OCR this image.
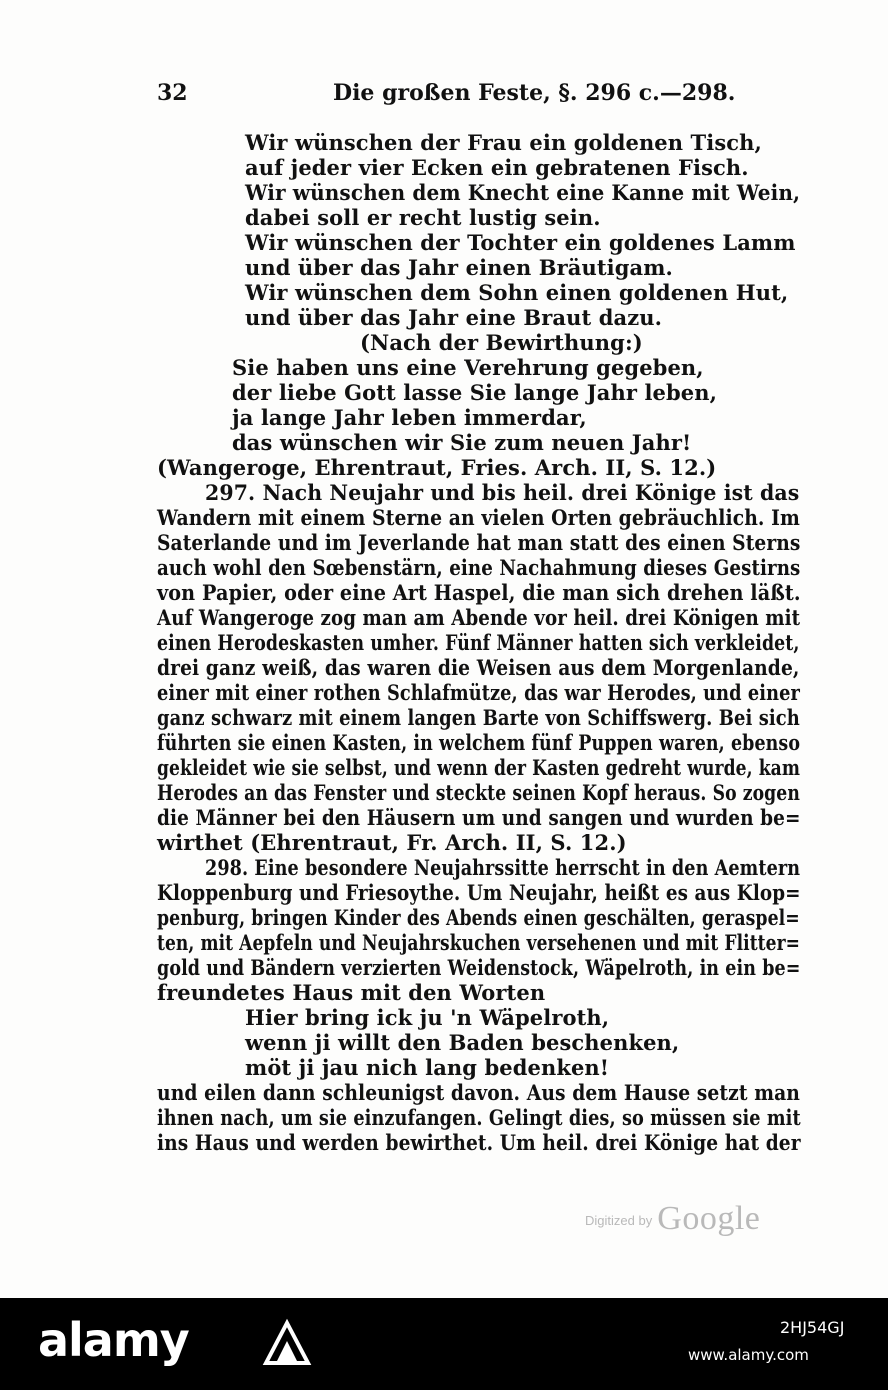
32	Die großen Feste, §. 296 c.—298.
Wir wünschen der Frau ein goldenen Tisch,
auf jeder vier Ecken ein gebratenen Fisch.
Wir wünschen dem Knecht eine Kanne mit Wein,
dabei soll er recht lustig sein.
Wir wünschen der Tochter ein goldenes Lamm
und über das Jahr einen Bräutigam.
Wir wünschen dem Sohn einen goldenen Hut,
und über das Jahr eine Braut dazu.
(Nach der Bewirthung:)
Sie haben uns eine Verehrung gegeben,
der liebe Gott lasse Sie lange Jahr leben,
ja lange Jahr leben immerdar,
das wünschen wir Sie zum neuen Jahr!
(Wangeroge, Ehrentraut, Fries. Arch. II, S. 12.)
297. Nach Neujahr und bis heil. drei Könige ist das
Wandern mit einem Sterne an vielen Orten gebräuchlich. Im
Saterlande und im Jeverlande hat man statt des einen Sterns
auch wohl den Sœbenstärn, eine Nachahmung dieses Gestirns
von Papier, oder eine Art Haspel, die man sich drehen läßt.
Auf Wangeroge zog man am Abende vor heil. drei Königen mit
einen Herodeskasten umher. Fünf Männer hatten sich verkleidet,
drei ganz weiß, das waren die Weisen aus dem Morgenlande,
einer mit einer rothen Schlafmütze, das war Herodes, und einer
ganz schwarz mit einem langen Barte von Schiffswerg. Bei sich
führten sie einen Kasten, in welchem fünf Puppen waren, ebenso
gekleidet wie sie selbst, und wenn der Kasten gedreht wurde, kam
Herodes an das Fenster und steckte seinen Kopf heraus. So zogen
die Männer bei den Häusern um und sangen und wurden be=
wirthet (Ehrentraut, Fr. Arch. II, S. 12.)
298. Eine besondere Neujahrssitte herrscht in den Aemtern
Kloppenburg und Friesoythe. Um Neujahr, heißt es aus Klop=
penburg, bringen Kinder des Abends einen geschälten, geraspel=
ten, mit Aepfeln und Neujahrskuchen versehenen und mit Flitter=
gold und Bändern verzierten Weidenstock, Wäpelroth, in ein be=
freundetes Haus mit den Worten
Hier bring ick ju 'n Wäpelroth,
wenn ji willt den Baden beschenken,
möt ji jau nich lang bedenken!
und eilen dann schleunigst davon. Aus dem Hause setzt man
ihnen nach, um sie einzufangen. Gelingt dies, so müssen sie mit
ins Haus und werden bewirthet. Um heil. drei Könige hat der
$^{Digitized by}$ Google
alamy	2HJ54GJ
www.alamy.com
